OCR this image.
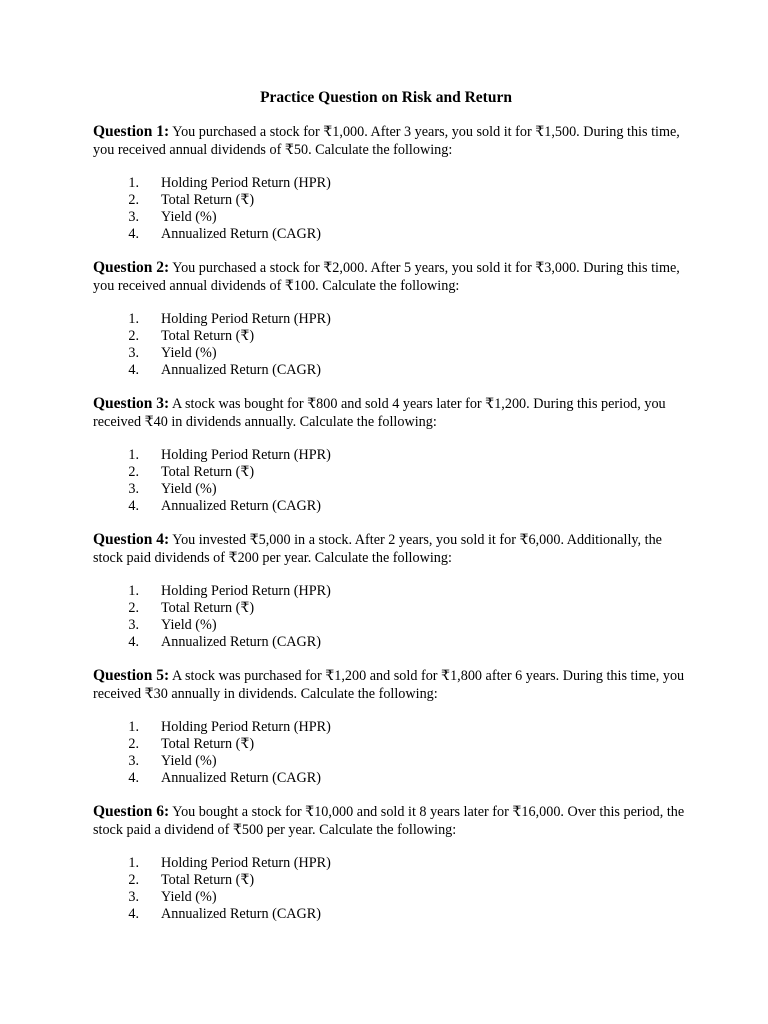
Practice Question on Risk and Return

Question 1: You purchased a stock for ₹1,000. After 3 years, you sold it for ₹1,500. During this time, you received annual dividends of ₹50. Calculate the following:

1. Holding Period Return (HPR)
2. Total Return (₹)
3. Yield (%)
4. Annualized Return (CAGR)

Question 2: You purchased a stock for ₹2,000. After 5 years, you sold it for ₹3,000. During this time, you received annual dividends of ₹100. Calculate the following:

1. Holding Period Return (HPR)
2. Total Return (₹)
3. Yield (%)
4. Annualized Return (CAGR)

Question 3: A stock was bought for ₹800 and sold 4 years later for ₹1,200. During this period, you received ₹40 in dividends annually. Calculate the following:

1. Holding Period Return (HPR)
2. Total Return (₹)
3. Yield (%)
4. Annualized Return (CAGR)

Question 4: You invested ₹5,000 in a stock. After 2 years, you sold it for ₹6,000. Additionally, the stock paid dividends of ₹200 per year. Calculate the following:

1. Holding Period Return (HPR)
2. Total Return (₹)
3. Yield (%)
4. Annualized Return (CAGR)

Question 5: A stock was purchased for ₹1,200 and sold for ₹1,800 after 6 years. During this time, you received ₹30 annually in dividends. Calculate the following:

1. Holding Period Return (HPR)
2. Total Return (₹)
3. Yield (%)
4. Annualized Return (CAGR)

Question 6: You bought a stock for ₹10,000 and sold it 8 years later for ₹16,000. Over this period, the stock paid a dividend of ₹500 per year. Calculate the following:

1. Holding Period Return (HPR)
2. Total Return (₹)
3. Yield (%)
4. Annualized Return (CAGR)
